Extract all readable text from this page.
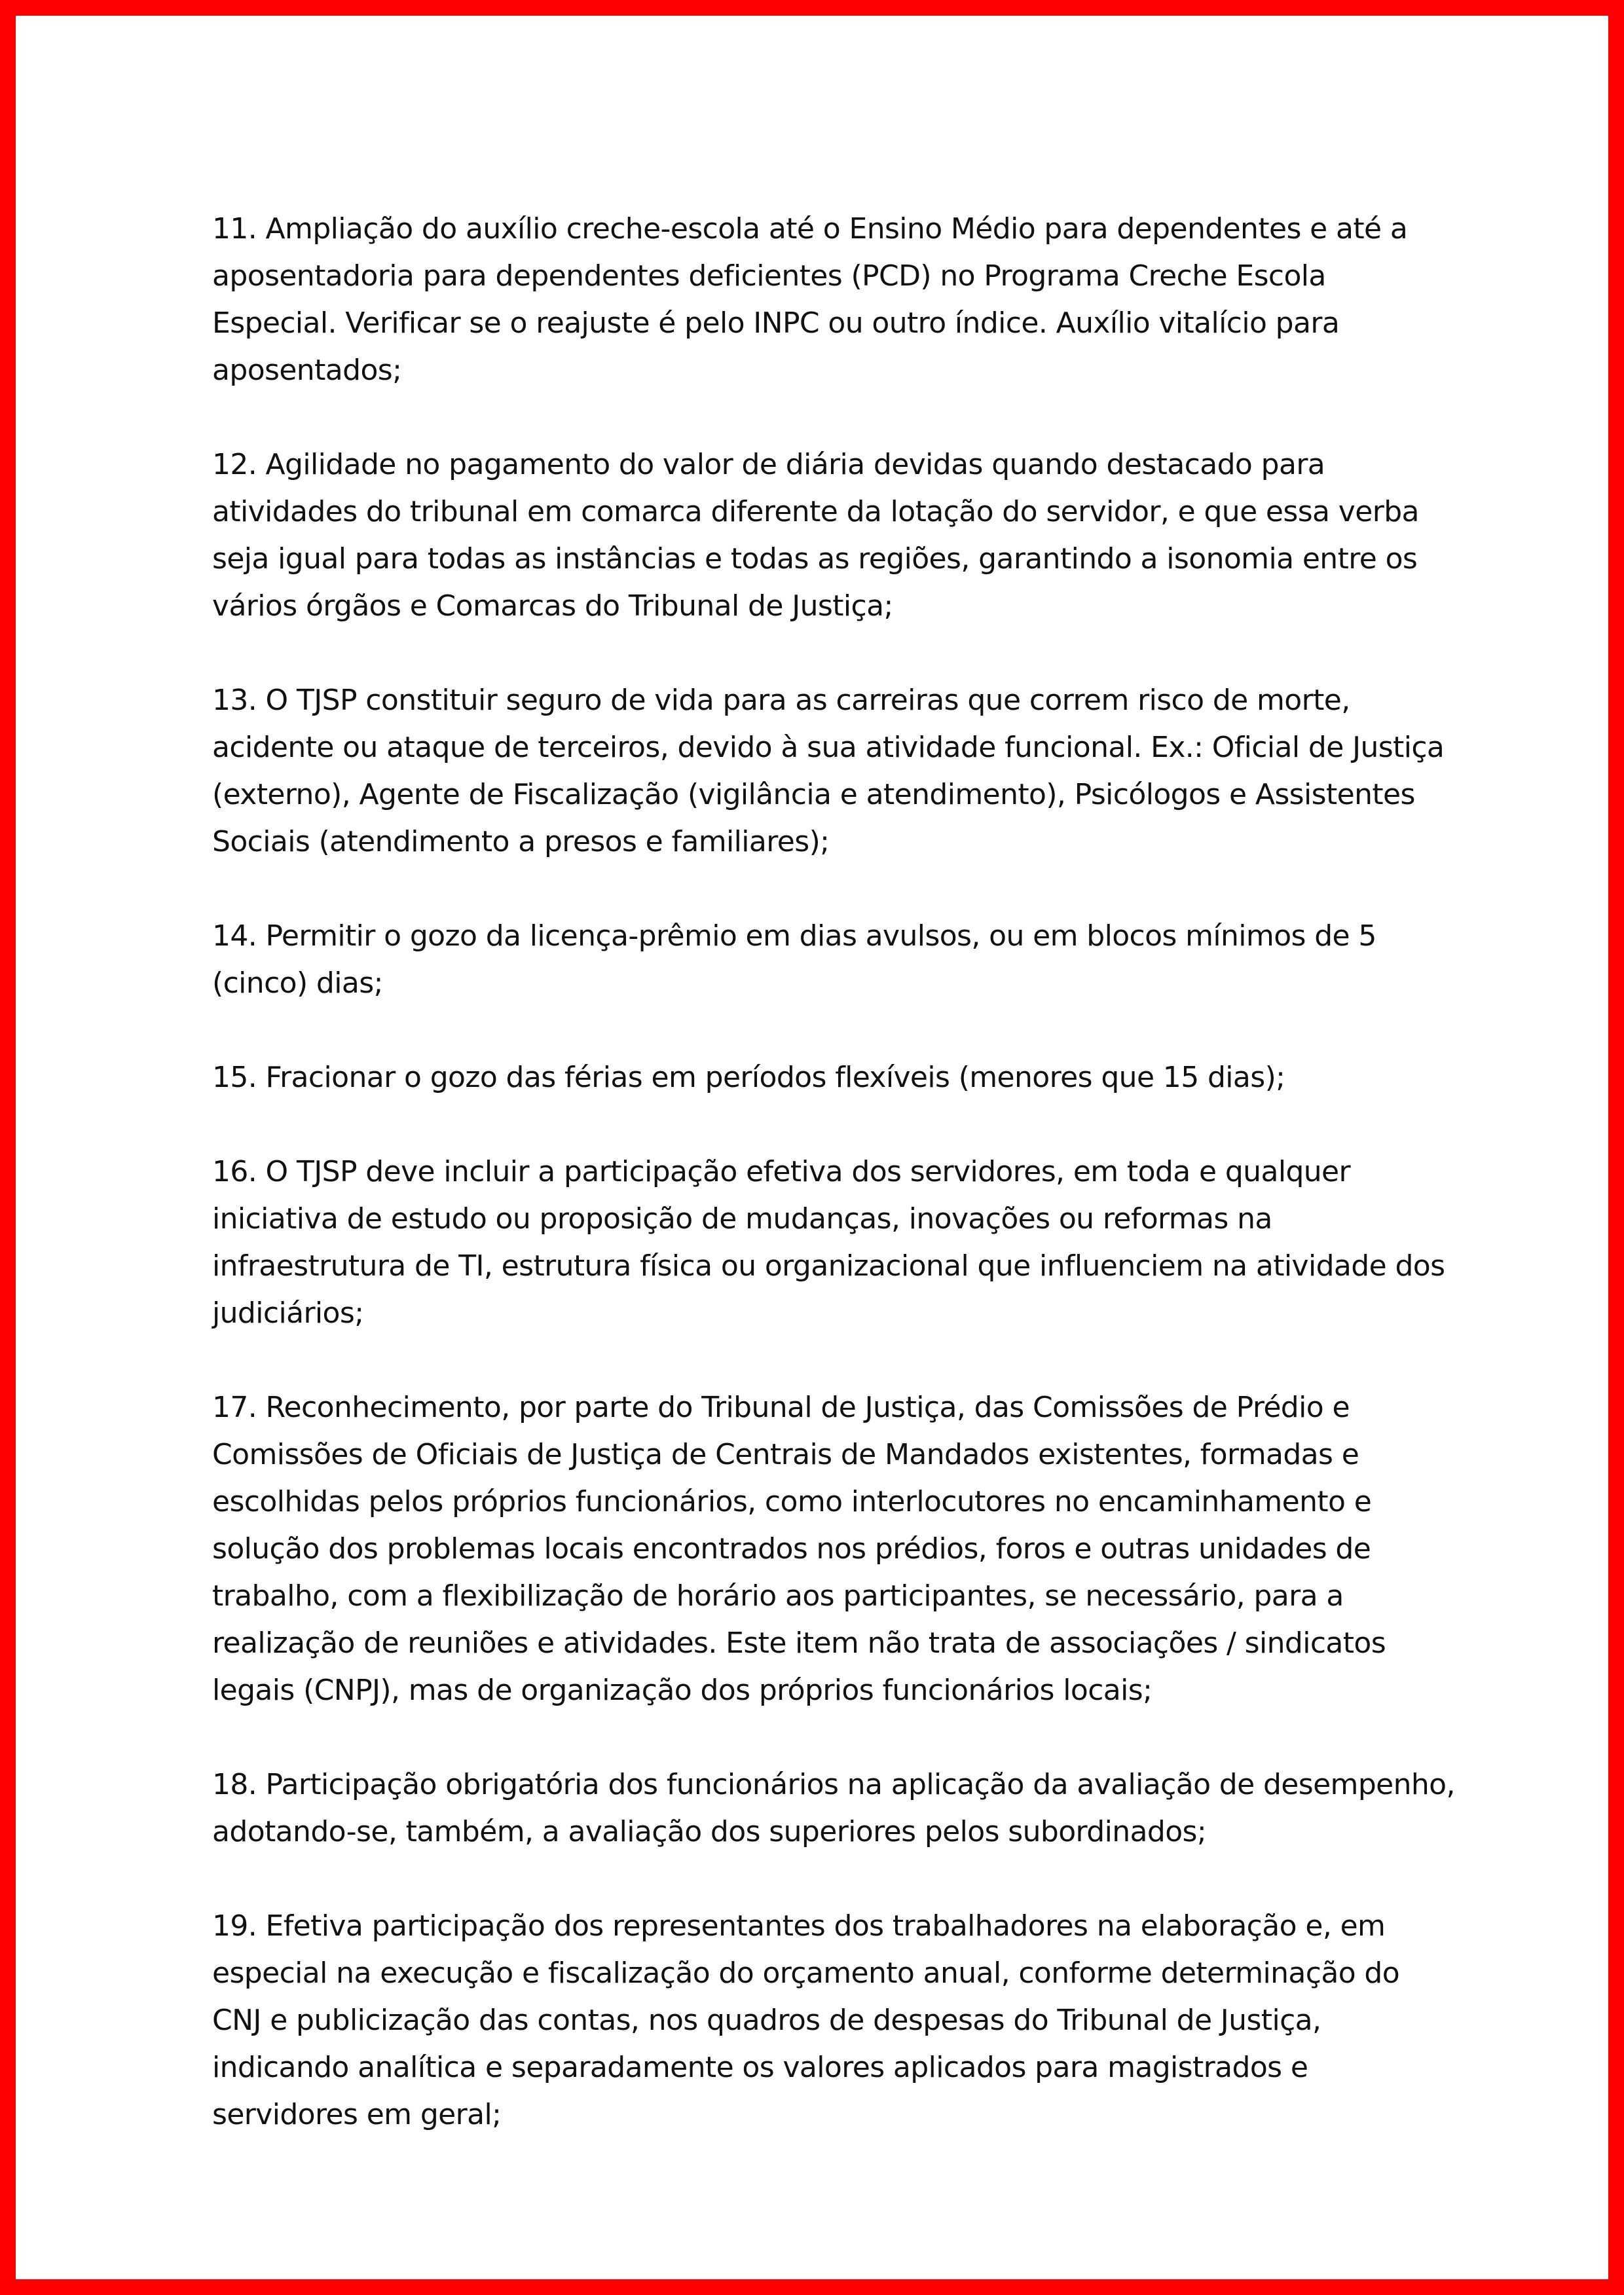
11. Ampliação do auxílio creche-escola até o Ensino Médio para dependentes e até a aposentadoria para dependentes deficientes (PCD) no Programa Creche Escola Especial. Verificar se o reajuste é pelo INPC ou outro índice. Auxílio vitalício para aposentados;

12. Agilidade no pagamento do valor de diária devidas quando destacado para atividades do tribunal em comarca diferente da lotação do servidor, e que essa verba seja igual para todas as instâncias e todas as regiões, garantindo a isonomia entre os vários órgãos e Comarcas do Tribunal de Justiça;

13. O TJSP constituir seguro de vida para as carreiras que correm risco de morte, acidente ou ataque de terceiros, devido à sua atividade funcional. Ex.: Oficial de Justiça (externo), Agente de Fiscalização (vigilância e atendimento), Psicólogos e Assistentes Sociais (atendimento a presos e familiares);

14. Permitir o gozo da licença-prêmio em dias avulsos, ou em blocos mínimos de 5 (cinco) dias;

15. Fracionar o gozo das férias em períodos flexíveis (menores que 15 dias);

16. O TJSP deve incluir a participação efetiva dos servidores, em toda e qualquer iniciativa de estudo ou proposição de mudanças, inovações ou reformas na infraestrutura de TI, estrutura física ou organizacional que influenciem na atividade dos judiciários;

17. Reconhecimento, por parte do Tribunal de Justiça, das Comissões de Prédio e Comissões de Oficiais de Justiça de Centrais de Mandados existentes, formadas e escolhidas pelos próprios funcionários, como interlocutores no encaminhamento e solução dos problemas locais encontrados nos prédios, foros e outras unidades de trabalho, com a flexibilização de horário aos participantes, se necessário, para a realização de reuniões e atividades. Este item não trata de associações / sindicatos legais (CNPJ), mas de organização dos próprios funcionários locais;

18. Participação obrigatória dos funcionários na aplicação da avaliação de desempenho, adotando-se, também, a avaliação dos superiores pelos subordinados;

19. Efetiva participação dos representantes dos trabalhadores na elaboração e, em especial na execução e fiscalização do orçamento anual, conforme determinação do CNJ e publicização das contas, nos quadros de despesas do Tribunal de Justiça, indicando analítica e separadamente os valores aplicados para magistrados e servidores em geral;
